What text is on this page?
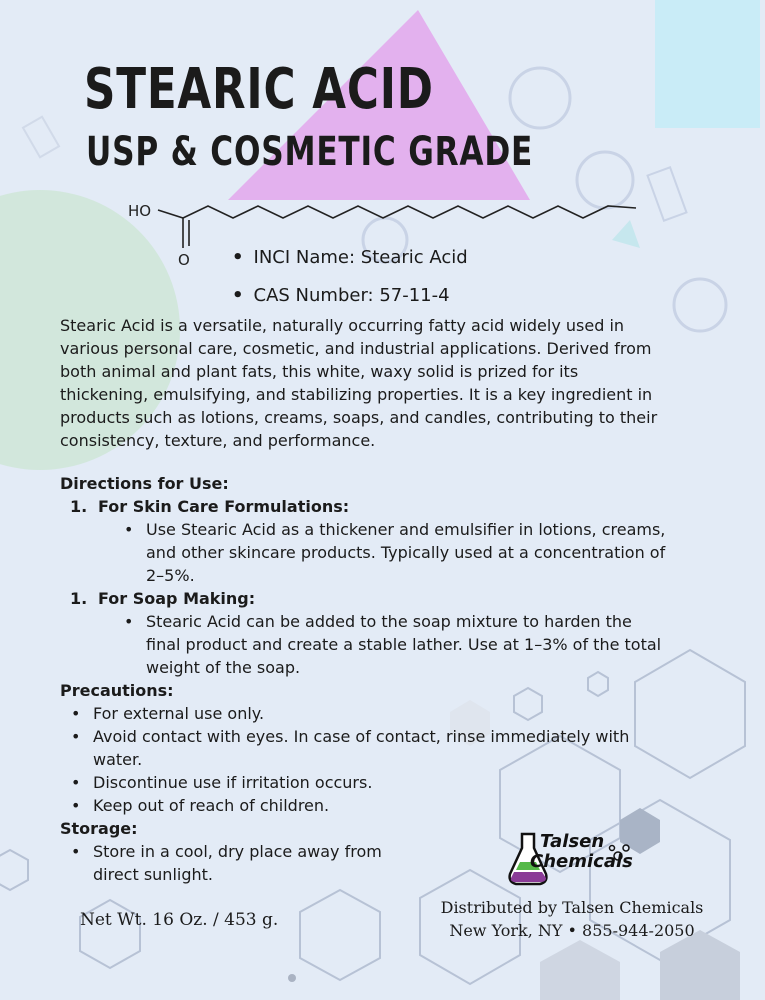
STEARIC ACID
USP & COSMETIC GRADE
HO
O • INCI Name: Stearic Acid
• CAS Number: 57-11-4
Stearic Acid is a versatile, naturally occurring fatty acid widely used in
various personal care, cosmetic, and industrial applications. Derived from
both animal and plant fats, this white, waxy solid is prized for its
thickening, emulsifying, and stabilizing properties. It is a key ingredient in
products such as lotions, creams, soaps, and candles, contributing to their
consistency, texture, and performance.
Directions for Use:
1. For Skin Care Formulations:
• Use Stearic Acid as a thickener and emulsifier in lotions, creams,
and other skincare products. Typically used at a concentration of
2–5%.
1. For Soap Making:
• Stearic Acid can be added to the soap mixture to harden the
final product and create a stable lather. Use at 1–3% of the total
weight of the soap.
Precautions:
• For external use only.
• Avoid contact with eyes. In case of contact, rinse immediately with
water.
• Discontinue use if irritation occurs.
• Keep out of reach of children.
Storage:
• Store in a cool, dry place away from
direct sunlight.
Net Wt. 16 Oz. / 453 g.
Talsen
Chemicals
Distributed by Talsen Chemicals
New York, NY • 855-944-2050
